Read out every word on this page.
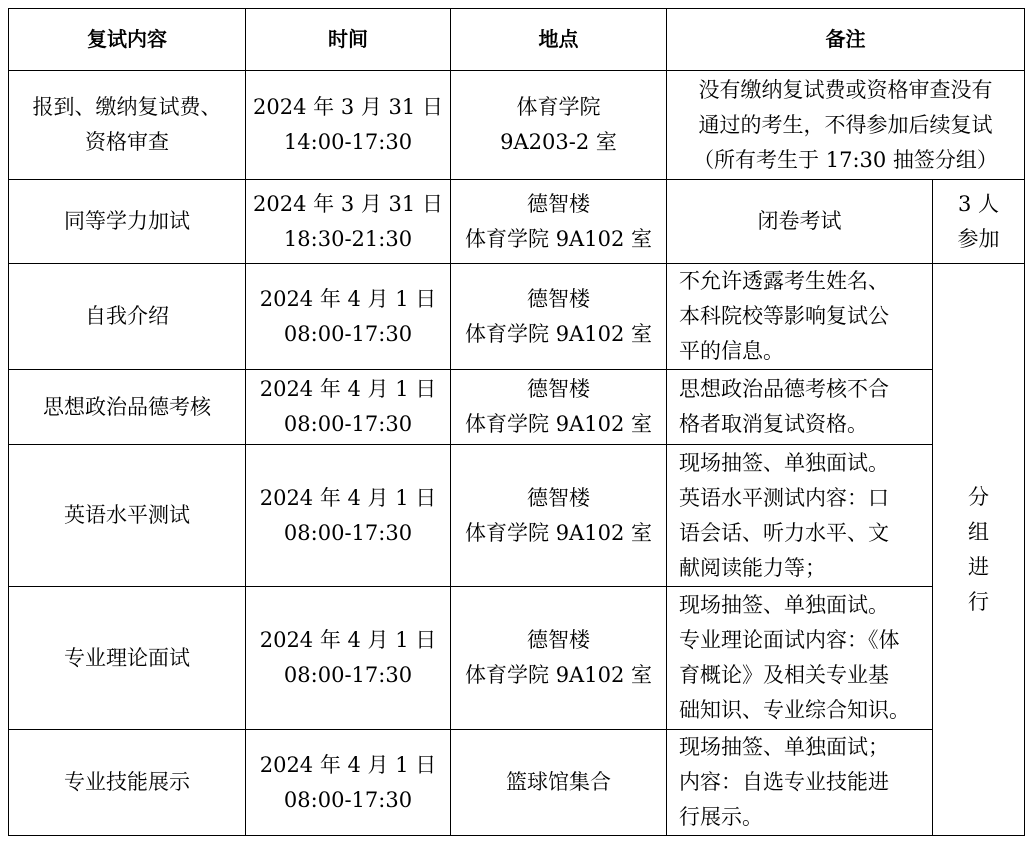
复试内容	时间	地点	备注	

报到、缴纳复试费、
资格审查	2024 年 3 月 31 日
14:00-17:30	体育学院
9A203-2 室	没有缴纳复试费或资格审查没有
通过的考生，不得参加后续复试
（所有考生于 17:30 抽签分组）	

同等学力加试	2024 年 3 月 31 日
18:30-21:30	德智楼
体育学院 9A102 室	闭卷考试	3 人
参加

自我介绍	2024 年 4 月 1 日
08:00-17:30	德智楼
体育学院 9A102 室	不允许透露考生姓名、
本科院校等影响复试公
平的信息。	分
组
进
行

思想政治品德考核	2024 年 4 月 1 日
08:00-17:30	德智楼
体育学院 9A102 室	思想政治品德考核不合
格者取消复试资格。	

英语水平测试	2024 年 4 月 1 日
08:00-17:30	德智楼
体育学院 9A102 室	现场抽签、单独面试。
英语水平测试内容：口
语会话、听力水平、文
献阅读能力等；	

专业理论面试	2024 年 4 月 1 日
08:00-17:30	德智楼
体育学院 9A102 室	现场抽签、单独面试。
专业理论面试内容：《体
育概论》及相关专业基
础知识、专业综合知识。	

专业技能展示	2024 年 4 月 1 日
08:00-17:30	篮球馆集合	现场抽签、单独面试；
内容：自选专业技能进
行展示。	
